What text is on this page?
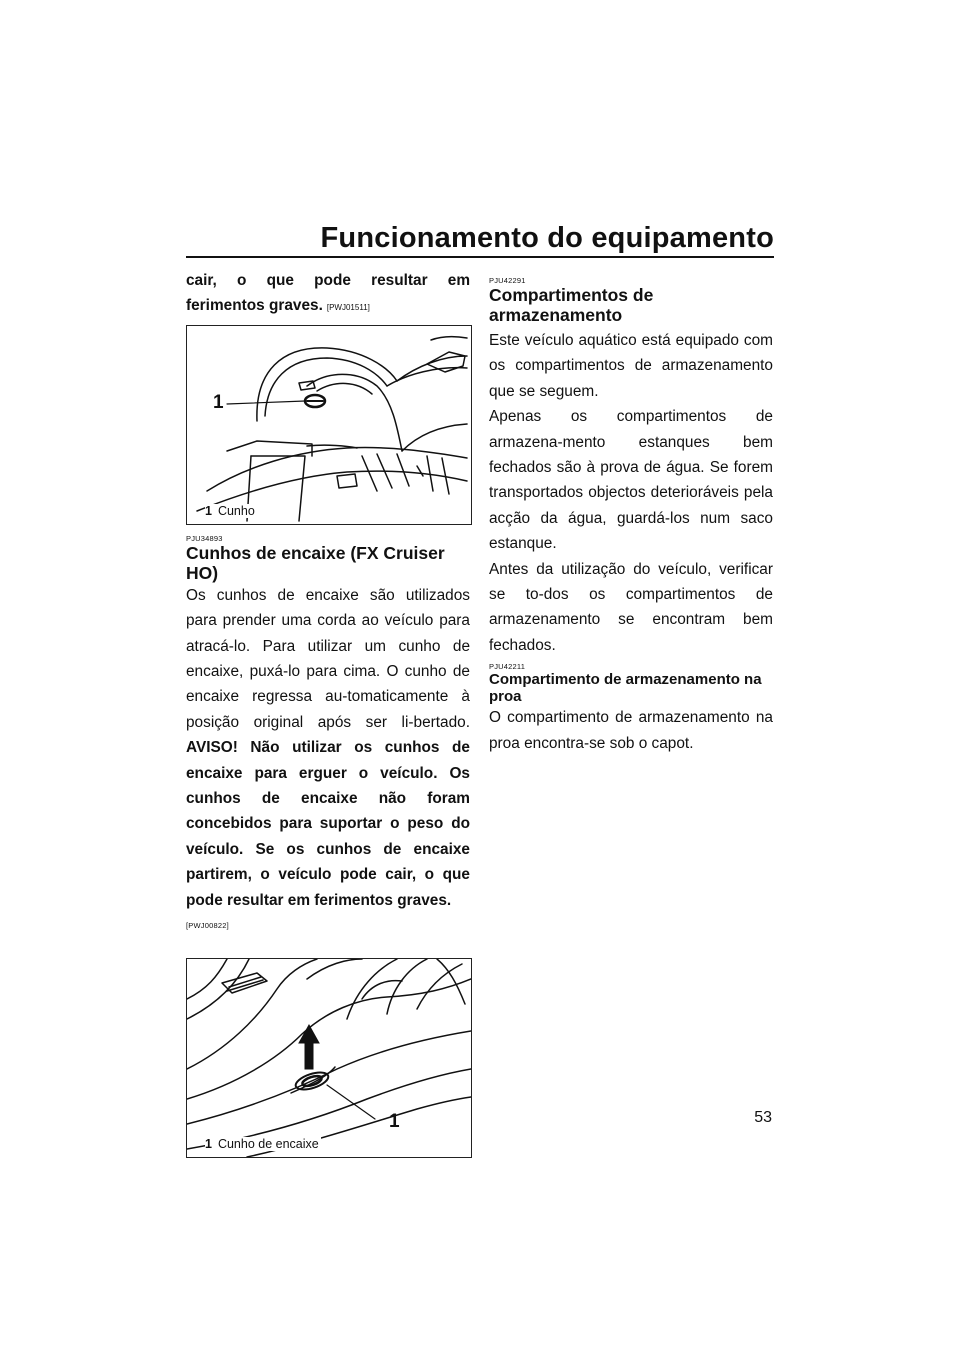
Funcionamento do equipamento

cair, o que pode resultar em ferimentos graves. [PWJ01511]

1
1 Cunho
PJU34893
Cunhos de encaixe (FX Cruiser HO)

Os cunhos de encaixe são utilizados para prender uma corda ao veículo para atracá-lo. Para utilizar um cunho de encaixe, puxá-lo para cima. O cunho de encaixe regressa au-tomaticamente à posição original após ser li-bertado. AVISO! Não utilizar os cunhos de encaixe para erguer o veículo. Os cunhos de encaixe não foram concebidos para suportar o peso do veículo. Se os cunhos de encaixe partirem, o veículo pode cair, o que pode resultar em ferimentos graves.

[PWJ00822]
1
1 Cunho de encaixe
PJU42291
Compartimentos de armazenamento

Este veículo aquático está equipado com os compartimentos de armazenamento que se seguem.

Apenas os compartimentos de armazena-mento estanques bem fechados são à prova de água. Se forem transportados objectos deterioráveis pela acção da água, guardá-los num saco estanque.

Antes da utilização do veículo, verificar se to-dos os compartimentos de armazenamento se encontram bem fechados.

PJU42211
Compartimento de armazenamento na proa

O compartimento de armazenamento na proa encontra-se sob o capot.

53
